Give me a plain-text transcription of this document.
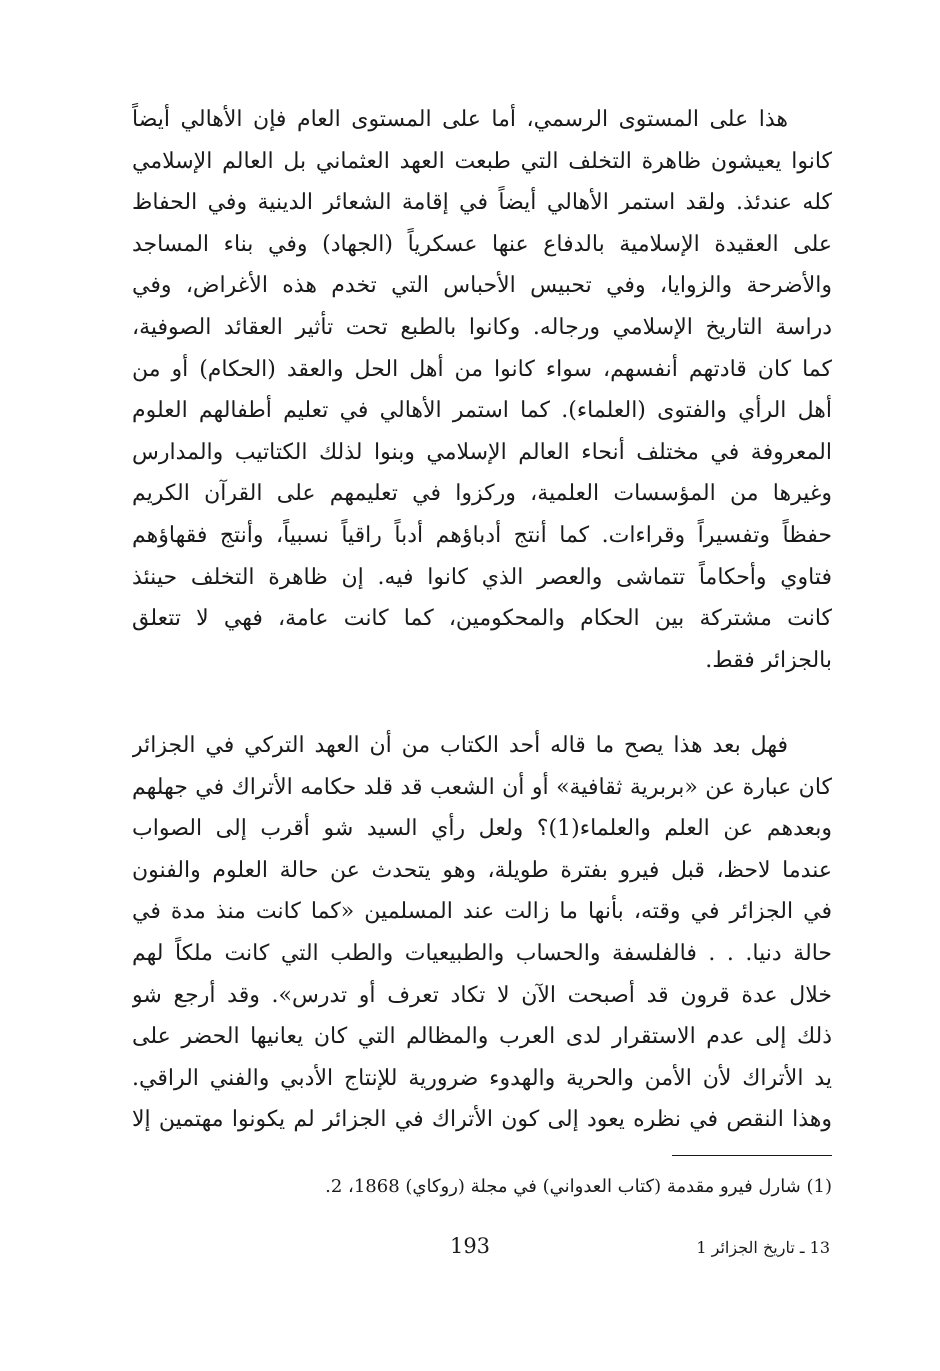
هذا على المستوى الرسمي، أما على المستوى العام فإن الأهالي أيضاً
كانوا يعيشون ظاهرة التخلف التي طبعت العهد العثماني بل العالم الإسلامي
كله عندئذ. ولقد استمر الأهالي أيضاً في إقامة الشعائر الدينية وفي الحفاظ
على العقيدة الإسلامية بالدفاع عنها عسكرياً (الجهاد) وفي بناء المساجد
والأضرحة والزوايا، وفي تحبيس الأحباس التي تخدم هذه الأغراض، وفي
دراسة التاريخ الإسلامي ورجاله. وكانوا بالطبع تحت تأثير العقائد الصوفية،
كما كان قادتهم أنفسهم، سواء كانوا من أهل الحل والعقد (الحكام) أو من
أهل الرأي والفتوى (العلماء). كما استمر الأهالي في تعليم أطفالهم العلوم
المعروفة في مختلف أنحاء العالم الإسلامي وبنوا لذلك الكتاتيب والمدارس
وغيرها من المؤسسات العلمية، وركزوا في تعليمهم على القرآن الكريم
حفظاً وتفسيراً وقراءات. كما أنتج أدباؤهم أدباً راقياً نسبياً، وأنتج فقهاؤهم
فتاوي وأحكاماً تتماشى والعصر الذي كانوا فيه. إن ظاهرة التخلف حينئذ
كانت مشتركة بين الحكام والمحكومين، كما كانت عامة، فهي لا تتعلق
بالجزائر فقط.
فهل بعد هذا يصح ما قاله أحد الكتاب من أن العهد التركي في الجزائر
كان عبارة عن «بربرية ثقافية» أو أن الشعب قد قلد حكامه الأتراك في جهلهم
وبعدهم عن العلم والعلماء(1)؟ ولعل رأي السيد شو أقرب إلى الصواب
عندما لاحظ، قبل فيرو بفترة طويلة، وهو يتحدث عن حالة العلوم والفنون
في الجزائر في وقته، بأنها ما زالت عند المسلمين «كما كانت منذ مدة في
حالة دنيا. . . فالفلسفة والحساب والطبيعيات والطب التي كانت ملكاً لهم
خلال عدة قرون قد أصبحت الآن لا تكاد تعرف أو تدرس». وقد أرجع شو
ذلك إلى عدم الاستقرار لدى العرب والمظالم التي كان يعانيها الحضر على
يد الأتراك لأن الأمن والحرية والهدوء ضرورية للإنتاج الأدبي والفني الراقي.
وهذا النقص في نظره يعود إلى كون الأتراك في الجزائر لم يكونوا مهتمين إلا
(1) شارل فيرو مقدمة (كتاب العدواني) في مجلة (روكاي) 1868، 2.
193	13 ـ تاريخ الجزائر 1
